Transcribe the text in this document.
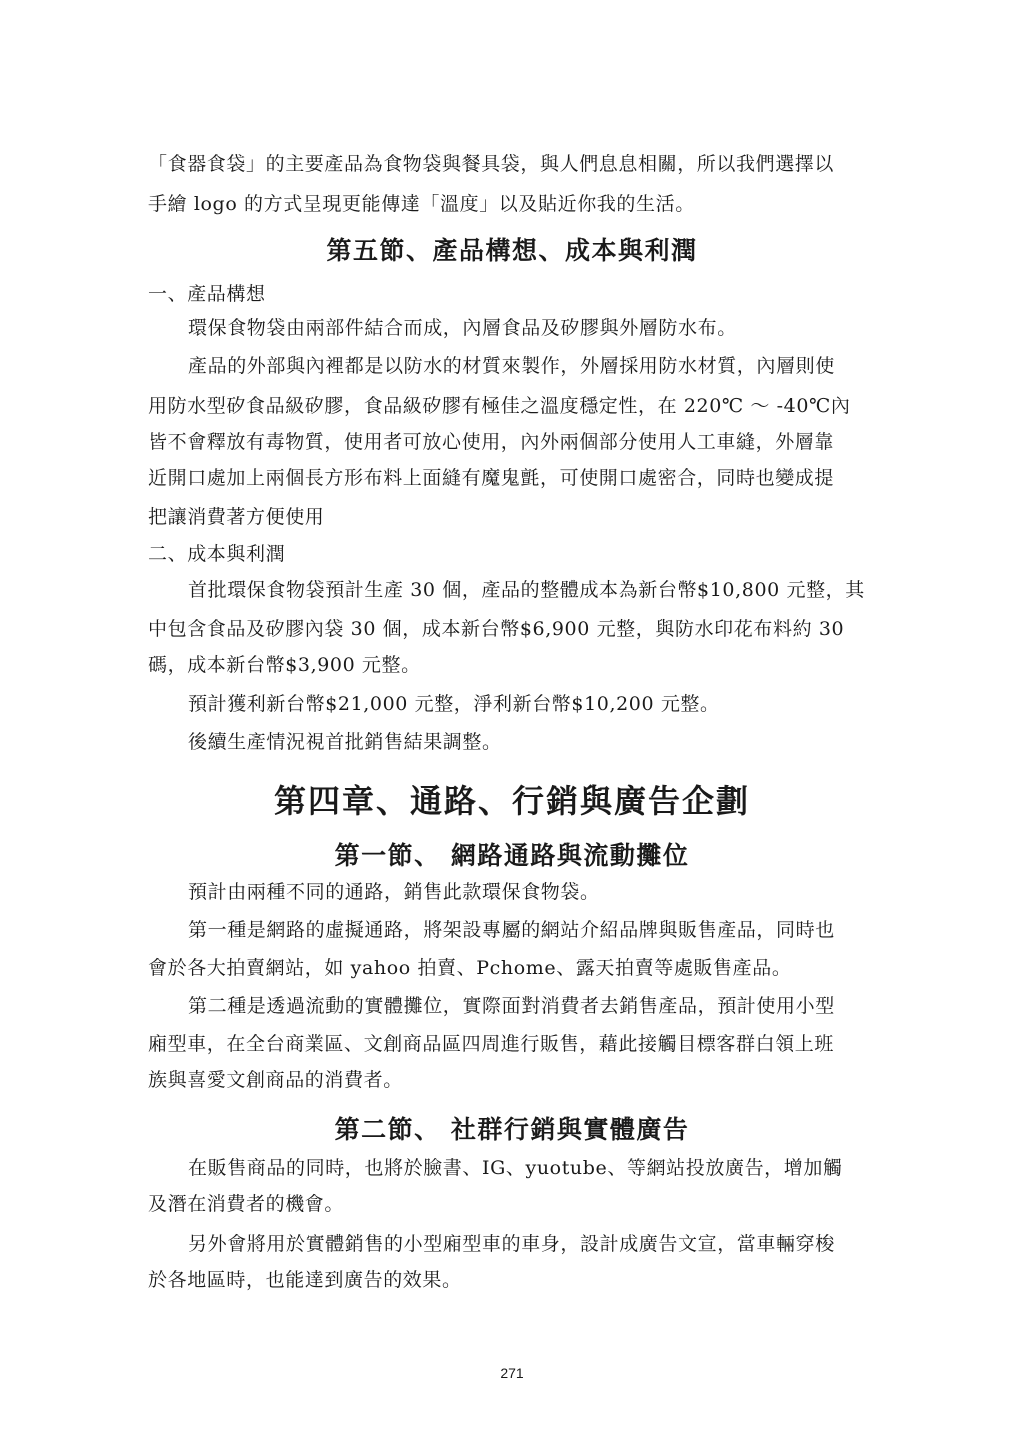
「食器食袋」的主要產品為食物袋與餐具袋，與人們息息相關，所以我們選擇以
手繪 logo 的方式呈現更能傳達「溫度」以及貼近你我的生活。
第五節、產品構想、成本與利潤
一、產品構想
環保食物袋由兩部件結合而成，內層食品及矽膠與外層防水布。
產品的外部與內裡都是以防水的材質來製作，外層採用防水材質，內層則使
用防水型矽食品級矽膠，食品級矽膠有極佳之溫度穩定性，在 220℃ ～ -40℃內
皆不會釋放有毒物質，使用者可放心使用，內外兩個部分使用人工車縫，外層靠
近開口處加上兩個長方形布料上面縫有魔鬼氈，可使開口處密合，同時也變成提
把讓消費著方便使用
二、成本與利潤
首批環保食物袋預計生產 30 個，產品的整體成本為新台幣$10,800 元整，其
中包含食品及矽膠內袋 30 個，成本新台幣$6,900 元整，與防水印花布料約 30
碼，成本新台幣$3,900 元整。
預計獲利新台幣$21,000 元整，淨利新台幣$10,200 元整。
後續生產情況視首批銷售結果調整。
第四章、通路、行銷與廣告企劃
第一節、 網路通路與流動攤位
預計由兩種不同的通路，銷售此款環保食物袋。
第一種是網路的虛擬通路，將架設專屬的網站介紹品牌與販售產品，同時也
會於各大拍賣網站，如 yahoo 拍賣、Pchome、露天拍賣等處販售產品。
第二種是透過流動的實體攤位，實際面對消費者去銷售產品，預計使用小型
廂型車，在全台商業區、文創商品區四周進行販售，藉此接觸目標客群白領上班
族與喜愛文創商品的消費者。
第二節、 社群行銷與實體廣告
在販售商品的同時，也將於臉書、IG、yuotube、等網站投放廣告，增加觸
及潛在消費者的機會。
另外會將用於實體銷售的小型廂型車的車身，設計成廣告文宣，當車輛穿梭
於各地區時，也能達到廣告的效果。
271
